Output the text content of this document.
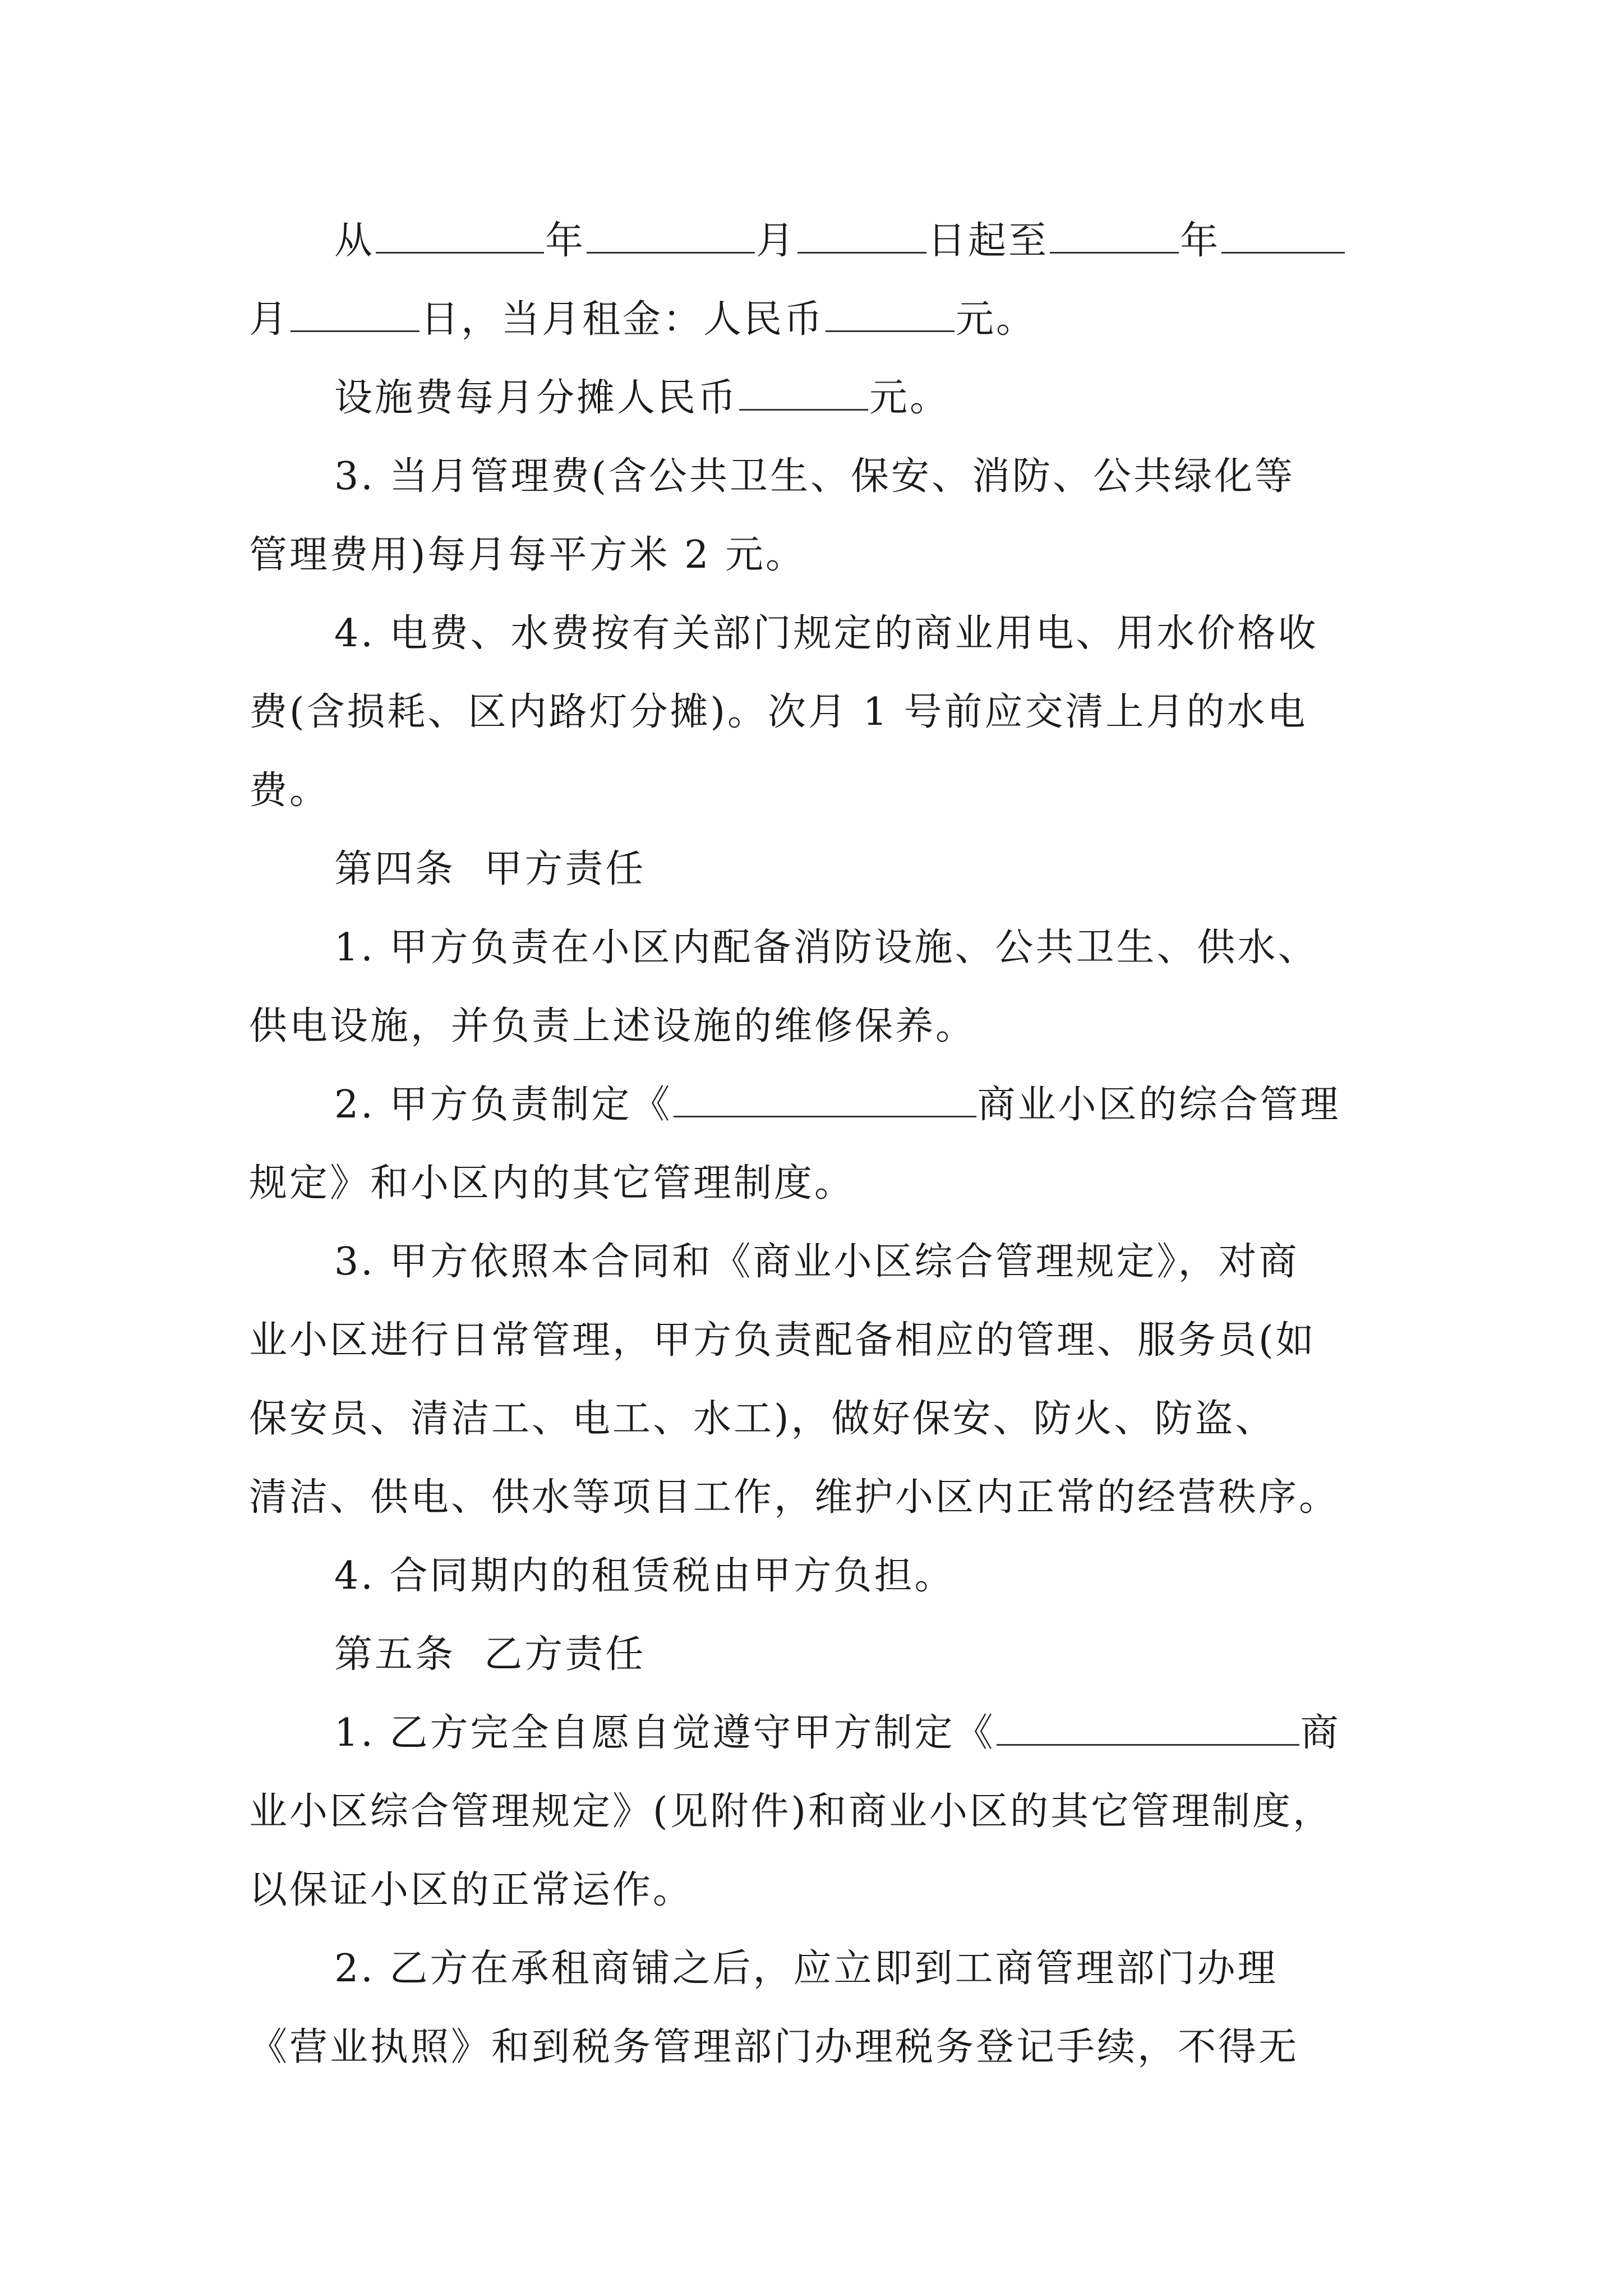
从	年	月	日起至	年
月	日，当月租金：人民币	元。
设施费每月分摊人民币	元。
3. 当月管理费(含公共卫生、保安、消防、公共绿化等
管理费用)每月每平方米 2 元。
4. 电费、水费按有关部门规定的商业用电、用水价格收
费(含损耗、区内路灯分摊)。次月 1 号前应交清上月的水电
费。
第四条  甲方责任
1. 甲方负责在小区内配备消防设施、公共卫生、供水、
供电设施，并负责上述设施的维修保养。
2. 甲方负责制定《	商业小区的综合管理
规定》和小区内的其它管理制度。
3. 甲方依照本合同和《商业小区综合管理规定》，对商
业小区进行日常管理，甲方负责配备相应的管理、服务员(如
保安员、清洁工、电工、水工)，做好保安、防火、防盗、
清洁、供电、供水等项目工作，维护小区内正常的经营秩序。
4. 合同期内的租赁税由甲方负担。
第五条  乙方责任
1. 乙方完全自愿自觉遵守甲方制定《	商
业小区综合管理规定》(见附件)和商业小区的其它管理制度，
以保证小区的正常运作。
2. 乙方在承租商铺之后，应立即到工商管理部门办理
《营业执照》和到税务管理部门办理税务登记手续，不得无
